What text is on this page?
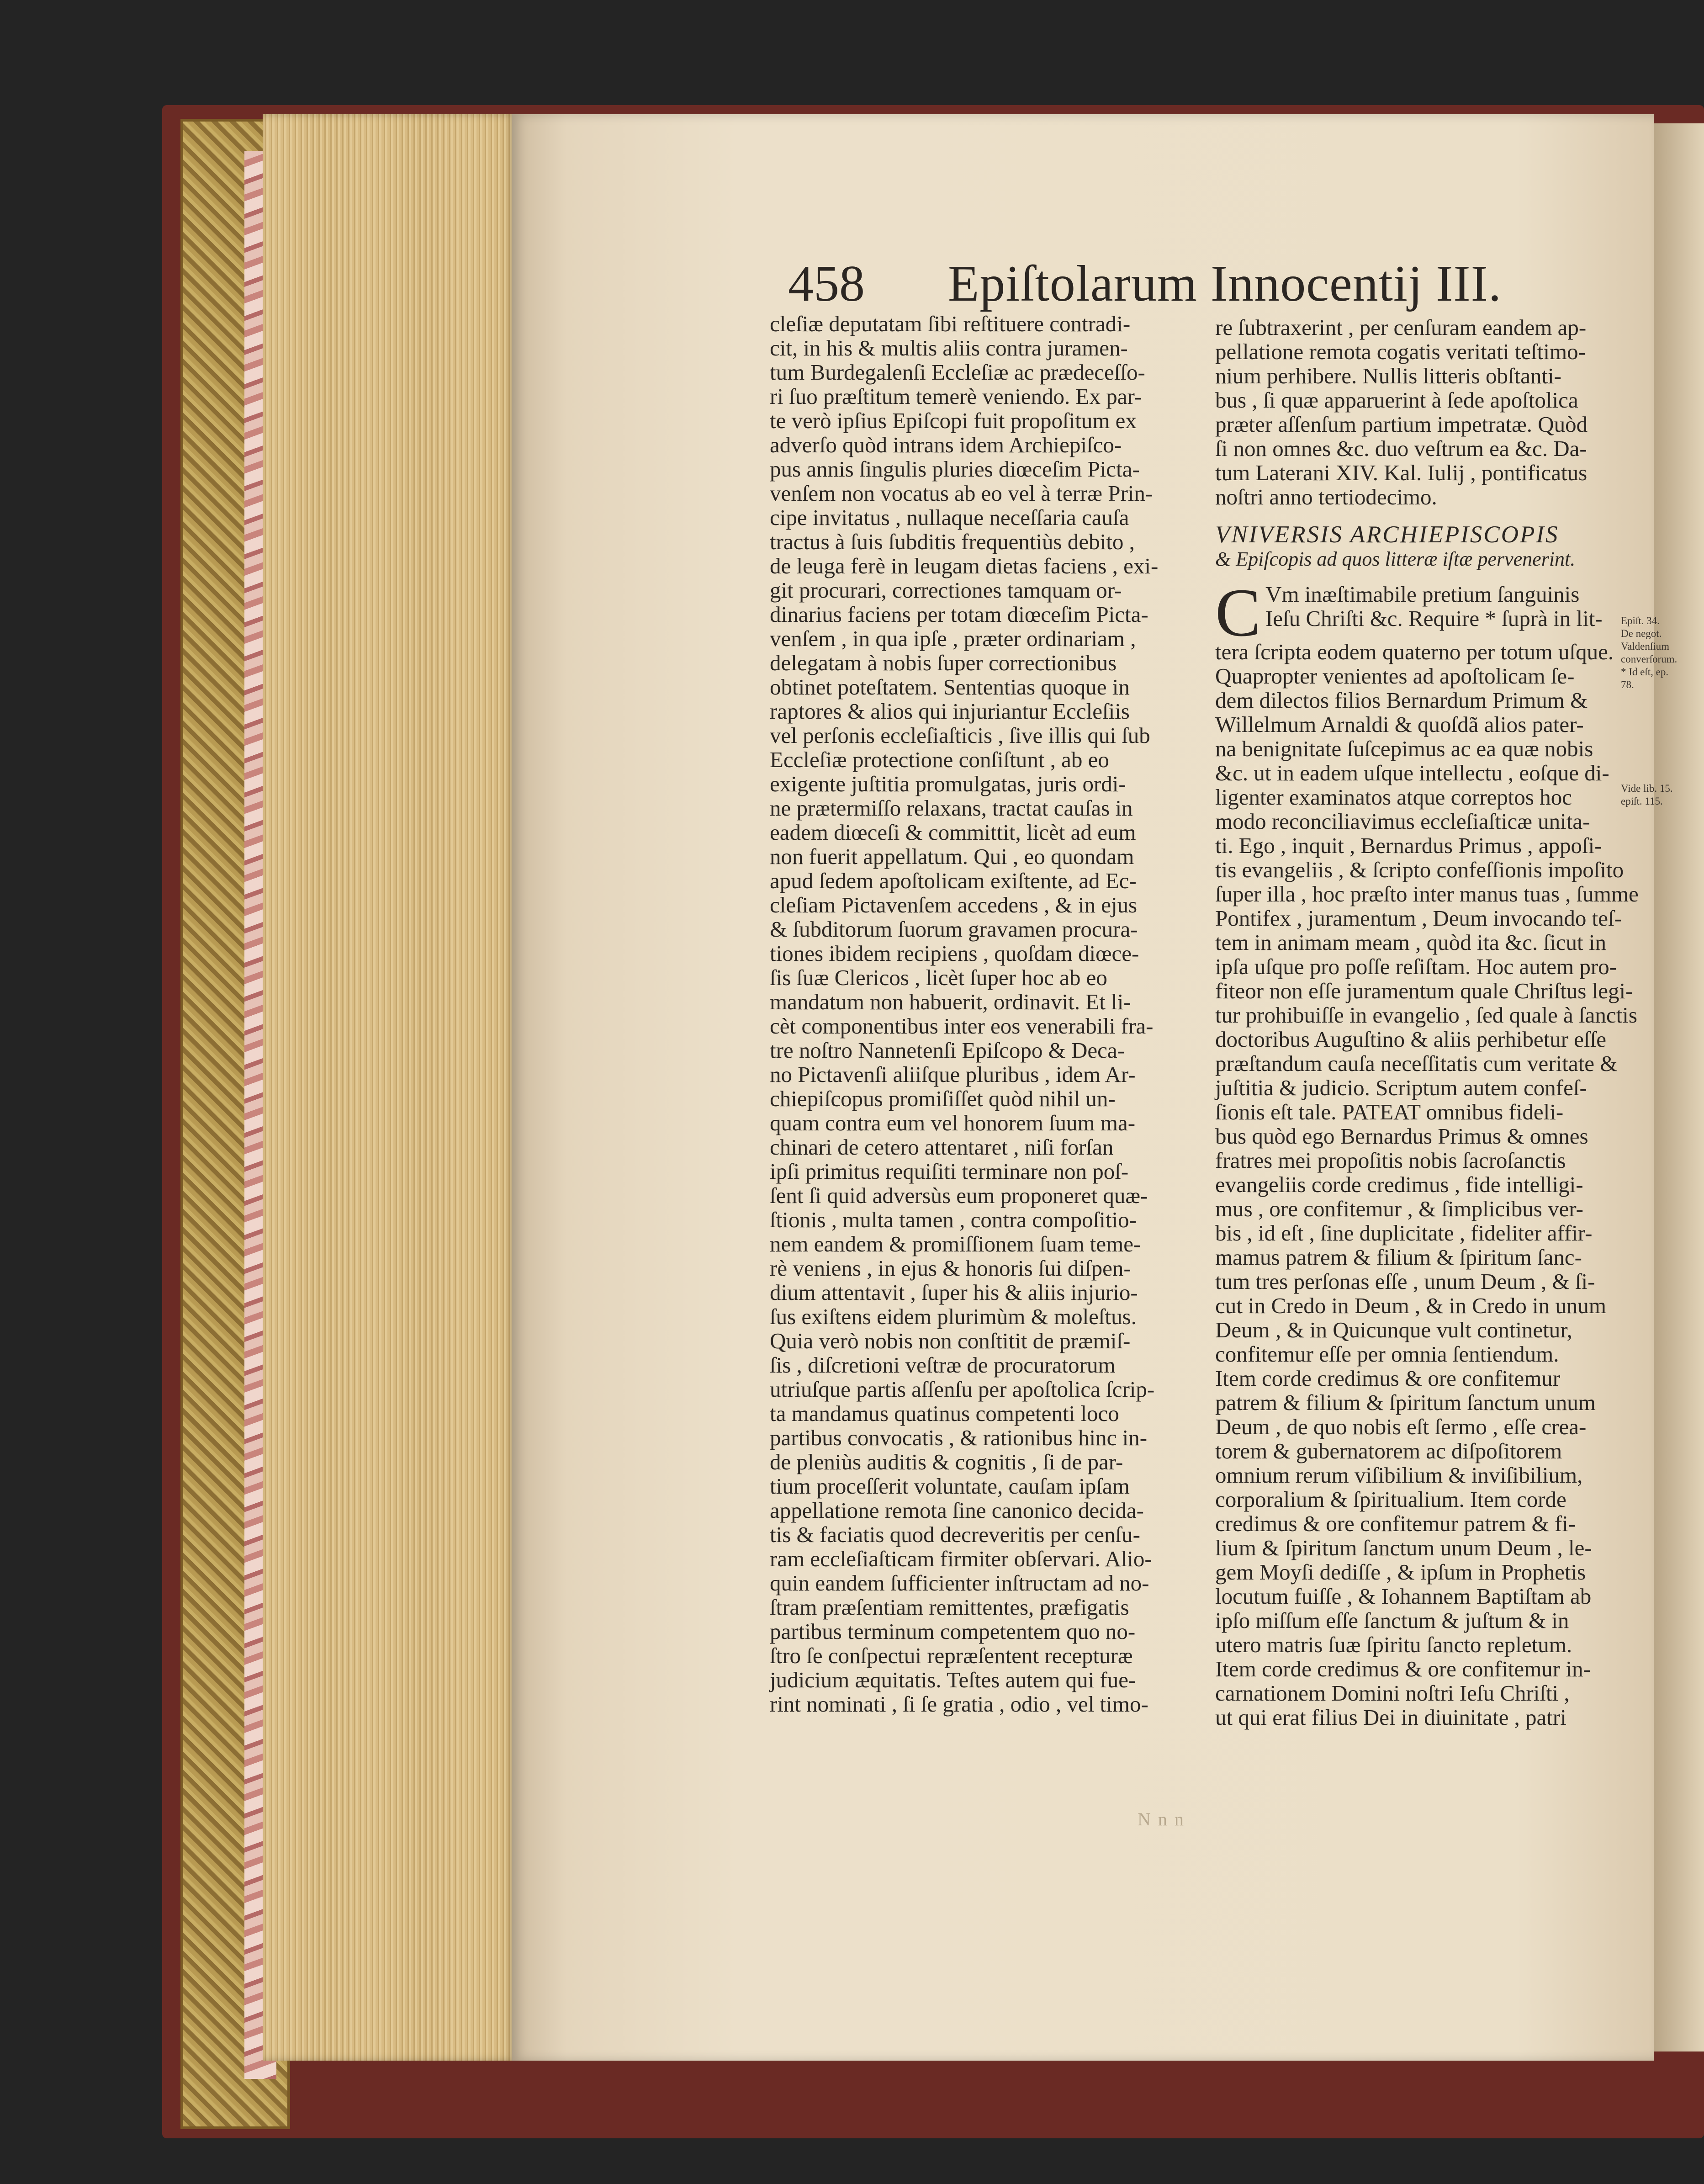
458 Epiſtolarum Innocentij III.
cleſiæ deputatam ſibi reſtituere contradi-
cit, in his & multis aliis contra juramen-
tum Burdegalenſi Eccleſiæ ac prædeceſſo-
ri ſuo præſtitum temerè veniendo. Ex par-
te verò ipſius Epiſcopi fuit propoſitum ex
adverſo quòd intrans idem Archiepiſco-
pus annis ſingulis pluries diœceſim Picta-
venſem non vocatus ab eo vel à terræ Prin-
cipe invitatus , nullaque neceſſaria cauſa
tractus à ſuis ſubditis frequentiùs debito ,
de leuga ferè in leugam dietas faciens , exi-
git procurari, correctiones tamquam or-
dinarius faciens per totam diœceſim Picta-
venſem , in qua ipſe , præter ordinariam ,
delegatam à nobis ſuper correctionibus
obtinet poteſtatem. Sententias quoque in
raptores & alios qui injuriantur Eccleſiis
vel perſonis eccleſiaſticis , ſive illis qui ſub
Eccleſiæ protectione conſiſtunt , ab eo
exigente juſtitia promulgatas, juris ordi-
ne prætermiſſo relaxans, tractat cauſas in
eadem diœceſi & committit, licèt ad eum
non fuerit appellatum. Qui , eo quondam
apud ſedem apoſtolicam exiſtente, ad Ec-
cleſiam Pictavenſem accedens , & in ejus
& ſubditorum ſuorum gravamen procura-
tiones ibidem recipiens , quoſdam diœce-
ſis ſuæ Clericos , licèt ſuper hoc ab eo
mandatum non habuerit, ordinavit. Et li-
cèt componentibus inter eos venerabili fra-
tre noſtro Nannetenſi Epiſcopo & Deca-
no Pictavenſi aliiſque pluribus , idem Ar-
chiepiſcopus promiſiſſet quòd nihil un-
quam contra eum vel honorem ſuum ma-
chinari de cetero attentaret , niſi forſan
ipſi primitus requiſiti terminare non poſ-
ſent ſi quid adversùs eum proponeret quæ-
ſtionis , multa tamen , contra compoſitio-
nem eandem & promiſſionem ſuam teme-
rè veniens , in ejus & honoris ſui diſpen-
dium attentavit , ſuper his & aliis injurio-
ſus exiſtens eidem plurimùm & moleſtus.
Quia verò nobis non conſtitit de præmiſ-
ſis , diſcretioni veſtræ de procuratorum
utriuſque partis aſſenſu per apoſtolica ſcrip-
ta mandamus quatinus competenti loco
partibus convocatis , & rationibus hinc in-
de pleniùs auditis & cognitis , ſi de par-
tium proceſſerit voluntate, cauſam ipſam
appellatione remota ſine canonico decida-
tis & faciatis quod decreveritis per cenſu-
ram eccleſiaſticam firmiter obſervari. Alio-
quin eandem ſufficienter inſtructam ad no-
ſtram præſentiam remittentes, præfigatis
partibus terminum competentem quo no-
ſtro ſe conſpectui repræſentent recepturæ
judicium æquitatis. Teſtes autem qui fue-
rint nominati , ſi ſe gratia , odio , vel timo-
re ſubtraxerint , per cenſuram eandem ap-
pellatione remota cogatis veritati teſtimo-
nium perhibere. Nullis litteris obſtanti-
bus , ſi quæ apparuerint à ſede apoſtolica
præter aſſenſum partium impetratæ. Quòd
ſi non omnes &c. duo veſtrum ea &c. Da-
tum Laterani XIV. Kal. Iulij , pontificatus
noſtri anno tertiodecimo.
VNIVERSIS ARCHIEPISCOPIS
& Epiſcopis ad quos litteræ iſtæ pervenerint.
C Vm inæſtimabile pretium ſanguinis
Ieſu Chriſti &c. Require * ſuprà in lit-
tera ſcripta eodem quaterno per totum uſque.
Quapropter venientes ad apoſtolicam ſe-
dem dilectos filios Bernardum Primum &
Willelmum Arnaldi & quoſdã alios pater-
na benignitate ſuſcepimus ac ea quæ nobis
&c. ut in eadem uſque intellectu , eoſque di-
ligenter examinatos atque correptos hoc
modo reconciliavimus eccleſiaſticæ unita-
ti. Ego , inquit , Bernardus Primus , appoſi-
tis evangeliis , & ſcripto confeſſionis impoſito
ſuper illa , hoc præſto inter manus tuas , ſumme
Pontifex , juramentum , Deum invocando teſ-
tem in animam meam , quòd ita &c. ſicut in
ipſa uſque pro poſſe reſiſtam. Hoc autem pro-
fiteor non eſſe juramentum quale Chriſtus legi-
tur prohibuiſſe in evangelio , ſed quale à ſanctis
doctoribus Auguſtino & aliis perhibetur eſſe
præſtandum cauſa neceſſitatis cum veritate &
juſtitia & judicio. Scriptum autem confeſ-
ſionis eſt tale. PATEAT omnibus fideli-
bus quòd ego Bernardus Primus & omnes
fratres mei propoſitis nobis ſacroſanctis
evangeliis corde credimus , fide intelligi-
mus , ore confitemur , & ſimplicibus ver-
bis , id eſt , ſine duplicitate , fideliter affir-
mamus patrem & filium & ſpiritum ſanc-
tum tres perſonas eſſe , unum Deum , & ſi-
cut in Credo in Deum , & in Credo in unum
Deum , & in Quicunque vult continetur,
confitemur eſſe per omnia ſentiendum.
Item corde credimus & ore confitemur
patrem & filium & ſpiritum ſanctum unum
Deum , de quo nobis eſt ſermo , eſſe crea-
torem & gubernatorem ac diſpoſitorem
omnium rerum viſibilium & inviſibilium,
corporalium & ſpiritualium. Item corde
credimus & ore confitemur patrem & fi-
lium & ſpiritum ſanctum unum Deum , le-
gem Moyſi dediſſe , & ipſum in Prophetis
locutum fuiſſe , & Iohannem Baptiſtam ab
ipſo miſſum eſſe ſanctum & juſtum & in
utero matris ſuæ ſpiritu ſancto repletum.
Item corde credimus & ore confitemur in-
carnationem Domini noſtri Ieſu Chriſti ,
ut qui erat filius Dei in diuinitate , patri
Epiſt. 34.
De negot.
Valdenſium
converſorum.
* Id eſt, ep.
78.
Vide lib. 15.
epiſt. 115.
N n n
